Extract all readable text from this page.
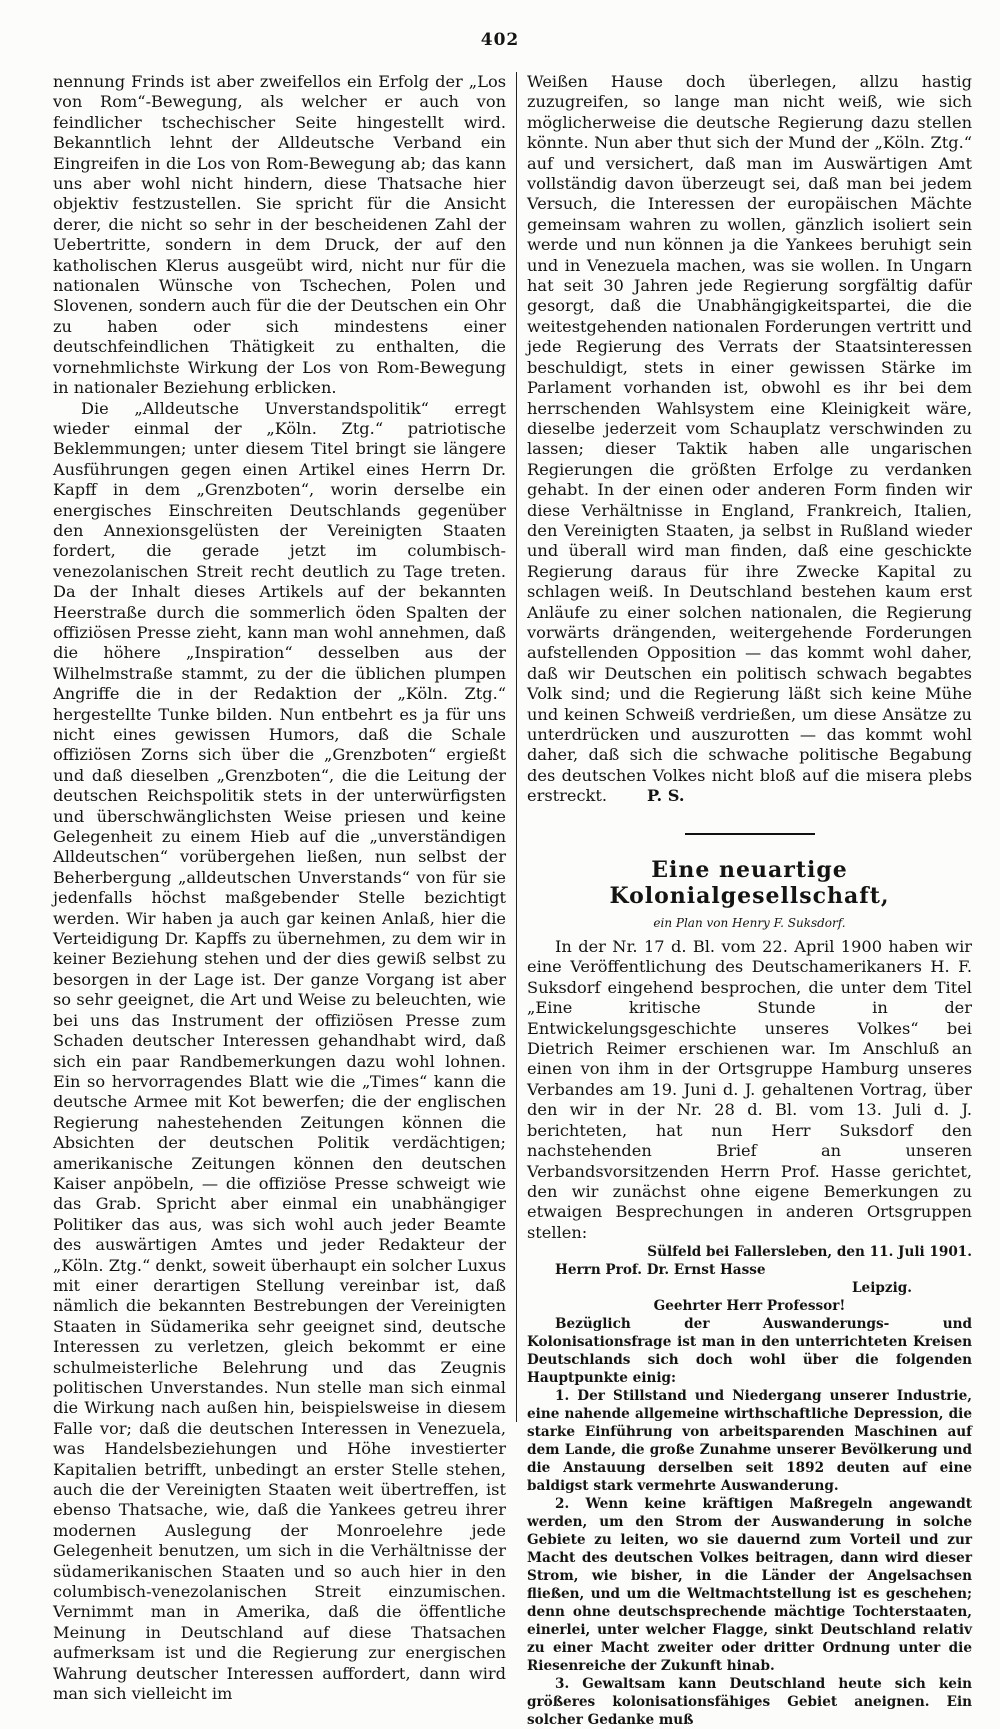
402

nennung Frinds ist aber zweifellos ein Erfolg der „Los von Rom“-Bewegung, als welcher er auch von feindlicher tschechischer Seite hingestellt wird. Bekanntlich lehnt der Alldeutsche Verband ein Eingreifen in die Los von Rom-Bewegung ab; das kann uns aber wohl nicht hindern, diese Thatsache hier objektiv festzustellen. Sie spricht für die Ansicht derer, die nicht so sehr in der bescheidenen Zahl der Uebertritte, sondern in dem Druck, der auf den katholischen Klerus ausgeübt wird, nicht nur für die nationalen Wünsche von Tschechen, Polen und Slovenen, sondern auch für die der Deutschen ein Ohr zu haben oder sich mindestens einer deutschfeindlichen Thätigkeit zu enthalten, die vornehmlichste Wirkung der Los von Rom-Bewegung in nationaler Beziehung erblicken.

Die „Alldeutsche Unverstandspolitik“ erregt wieder einmal der „Köln. Ztg.“ patriotische Beklemmungen; unter diesem Titel bringt sie längere Ausführungen gegen einen Artikel eines Herrn Dr. Kapff in dem „Grenzboten“, worin derselbe ein energisches Einschreiten Deutschlands gegenüber den Annexionsgelüsten der Vereinigten Staaten fordert, die gerade jetzt im columbisch-venezolanischen Streit recht deutlich zu Tage treten. Da der Inhalt dieses Artikels auf der bekannten Heerstraße durch die sommerlich öden Spalten der offiziösen Presse zieht, kann man wohl annehmen, daß die höhere „Inspiration“ desselben aus der Wilhelmstraße stammt, zu der die üblichen plumpen Angriffe die in der Redaktion der „Köln. Ztg.“ hergestellte Tunke bilden. Nun entbehrt es ja für uns nicht eines gewissen Humors, daß die Schale offiziösen Zorns sich über die „Grenzboten“ ergießt und daß dieselben „Grenzboten“, die die Leitung der deutschen Reichspolitik stets in der unterwürfigsten und überschwänglichsten Weise priesen und keine Gelegenheit zu einem Hieb auf die „unverständigen Alldeutschen“ vorübergehen ließen, nun selbst der Beherbergung „alldeutschen Unverstands“ von für sie jedenfalls höchst maßgebender Stelle bezichtigt werden. Wir haben ja auch gar keinen Anlaß, hier die Verteidigung Dr. Kapffs zu übernehmen, zu dem wir in keiner Beziehung stehen und der dies gewiß selbst zu besorgen in der Lage ist. Der ganze Vorgang ist aber so sehr geeignet, die Art und Weise zu beleuchten, wie bei uns das Instrument der offiziösen Presse zum Schaden deutscher Interessen gehandhabt wird, daß sich ein paar Randbemerkungen dazu wohl lohnen. Ein so hervorragendes Blatt wie die „Times“ kann die deutsche Armee mit Kot bewerfen; die der englischen Regierung nahestehenden Zeitungen können die Absichten der deutschen Politik verdächtigen; amerikanische Zeitungen können den deutschen Kaiser anpöbeln, — die offiziöse Presse schweigt wie das Grab. Spricht aber einmal ein unabhängiger Politiker das aus, was sich wohl auch jeder Beamte des auswärtigen Amtes und jeder Redakteur der „Köln. Ztg.“ denkt, soweit überhaupt ein solcher Luxus mit einer derartigen Stellung vereinbar ist, daß nämlich die bekannten Bestrebungen der Vereinigten Staaten in Südamerika sehr geeignet sind, deutsche Interessen zu verletzen, gleich bekommt er eine schulmeisterliche Belehrung und das Zeugnis politischen Unverstandes. Nun stelle man sich einmal die Wirkung nach außen hin, beispielsweise in diesem Falle vor; daß die deutschen Interessen in Venezuela, was Handelsbeziehungen und Höhe investierter Kapitalien betrifft, unbedingt an erster Stelle stehen, auch die der Vereinigten Staaten weit übertreffen, ist ebenso Thatsache, wie, daß die Yankees getreu ihrer modernen Auslegung der Monroelehre jede Gelegenheit benutzen, um sich in die Verhältnisse der südamerikanischen Staaten und so auch hier in den columbisch-venezolanischen Streit einzumischen. Vernimmt man in Amerika, daß die öffentliche Meinung in Deutschland auf diese Thatsachen aufmerksam ist und die Regierung zur energischen Wahrung deutscher Interessen auffordert, dann wird man sich vielleicht im

Weißen Hause doch überlegen, allzu hastig zuzugreifen, so lange man nicht weiß, wie sich möglicherweise die deutsche Regierung dazu stellen könnte. Nun aber thut sich der Mund der „Köln. Ztg.“ auf und versichert, daß man im Auswärtigen Amt vollständig davon überzeugt sei, daß man bei jedem Versuch, die Interessen der europäischen Mächte gemeinsam wahren zu wollen, gänzlich isoliert sein werde und nun können ja die Yankees beruhigt sein und in Venezuela machen, was sie wollen. In Ungarn hat seit 30 Jahren jede Regierung sorgfältig dafür gesorgt, daß die Unabhängigkeitspartei, die die weitestgehenden nationalen Forderungen vertritt und jede Regierung des Verrats der Staatsinteressen beschuldigt, stets in einer gewissen Stärke im Parlament vorhanden ist, obwohl es ihr bei dem herrschenden Wahlsystem eine Kleinigkeit wäre, dieselbe jederzeit vom Schauplatz verschwinden zu lassen; dieser Taktik haben alle ungarischen Regierungen die größten Erfolge zu verdanken gehabt. In der einen oder anderen Form finden wir diese Verhältnisse in England, Frankreich, Italien, den Vereinigten Staaten, ja selbst in Rußland wieder und überall wird man finden, daß eine geschickte Regierung daraus für ihre Zwecke Kapital zu schlagen weiß. In Deutschland bestehen kaum erst Anläufe zu einer solchen nationalen, die Regierung vorwärts drängenden, weitergehende Forderungen aufstellenden Opposition — das kommt wohl daher, daß wir Deutschen ein politisch schwach begabtes Volk sind; und die Regierung läßt sich keine Mühe und keinen Schweiß verdrießen, um diese Ansätze zu unterdrücken und auszurotten — das kommt wohl daher, daß sich die schwache politische Begabung des deutschen Volkes nicht bloß auf die misera plebs erstreckt. P. S.

Eine neuartige Kolonialgesellschaft,
ein Plan von Henry F. Suksdorf.

In der Nr. 17 d. Bl. vom 22. April 1900 haben wir eine Veröffentlichung des Deutschamerikaners H. F. Suksdorf eingehend besprochen, die unter dem Titel „Eine kritische Stunde in der Entwickelungsgeschichte unseres Volkes“ bei Dietrich Reimer erschienen war. Im Anschluß an einen von ihm in der Ortsgruppe Hamburg unseres Verbandes am 19. Juni d. J. gehaltenen Vortrag, über den wir in der Nr. 28 d. Bl. vom 13. Juli d. J. berichteten, hat nun Herr Suksdorf den nachstehenden Brief an unseren Verbandsvorsitzenden Herrn Prof. Hasse gerichtet, den wir zunächst ohne eigene Bemerkungen zu etwaigen Besprechungen in anderen Ortsgruppen stellen:

Sülfeld bei Fallersleben, den 11. Juli 1901.

Herrn Prof. Dr. Ernst Hasse

Leipzig.

Geehrter Herr Professor!

Bezüglich der Auswanderungs- und Kolonisationsfrage ist man in den unterrichteten Kreisen Deutschlands sich doch wohl über die folgenden Hauptpunkte einig:

1. Der Stillstand und Niedergang unserer Industrie, eine nahende allgemeine wirthschaftliche Depression, die starke Einführung von arbeitsparenden Maschinen auf dem Lande, die große Zunahme unserer Bevölkerung und die Anstauung derselben seit 1892 deuten auf eine baldigst stark vermehrte Auswanderung.

2. Wenn keine kräftigen Maßregeln angewandt werden, um den Strom der Auswanderung in solche Gebiete zu leiten, wo sie dauernd zum Vorteil und zur Macht des deutschen Volkes beitragen, dann wird dieser Strom, wie bisher, in die Länder der Angelsachsen fließen, und um die Weltmachtstellung ist es geschehen; denn ohne deutschsprechende mächtige Tochterstaaten, einerlei, unter welcher Flagge, sinkt Deutschland relativ zu einer Macht zweiter oder dritter Ordnung unter die Riesenreiche der Zukunft hinab.

3. Gewaltsam kann Deutschland heute sich kein größeres kolonisationsfähiges Gebiet aneignen. Ein solcher Gedanke muß
